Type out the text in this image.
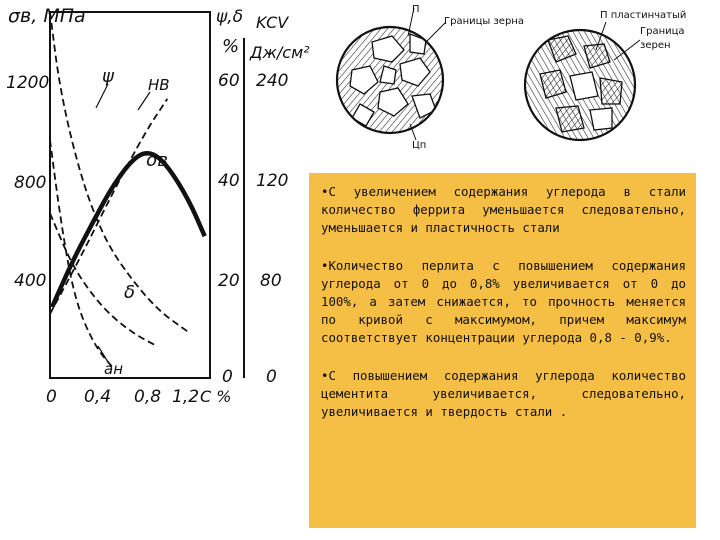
σв, МПа	ψ,δ
%
KCV
Дж/см²
1200
800
400
60
40
20
0
240
120
80
0
0 0,4 0,8 1,2 C %
ψ НВ
σв
δ
aн
П
Границы зерна
Цп
П пластинчатый
Граница
зерен

•С увеличением содержания углерода в стали количество феррита уменьшается следовательно, уменьшается и пластичность стали

•Количество перлита с повышением содержания углерода от 0 до 0,8% увеличивается от 0 до 100%, а затем снижается, то прочность меняется по кривой с максимумом, причем максимум соответствует концентрации углерода 0,8 - 0,9%.

•С повышением содержания углерода количество цементита увеличивается, следовательно, увеличивается и твердость стали .
